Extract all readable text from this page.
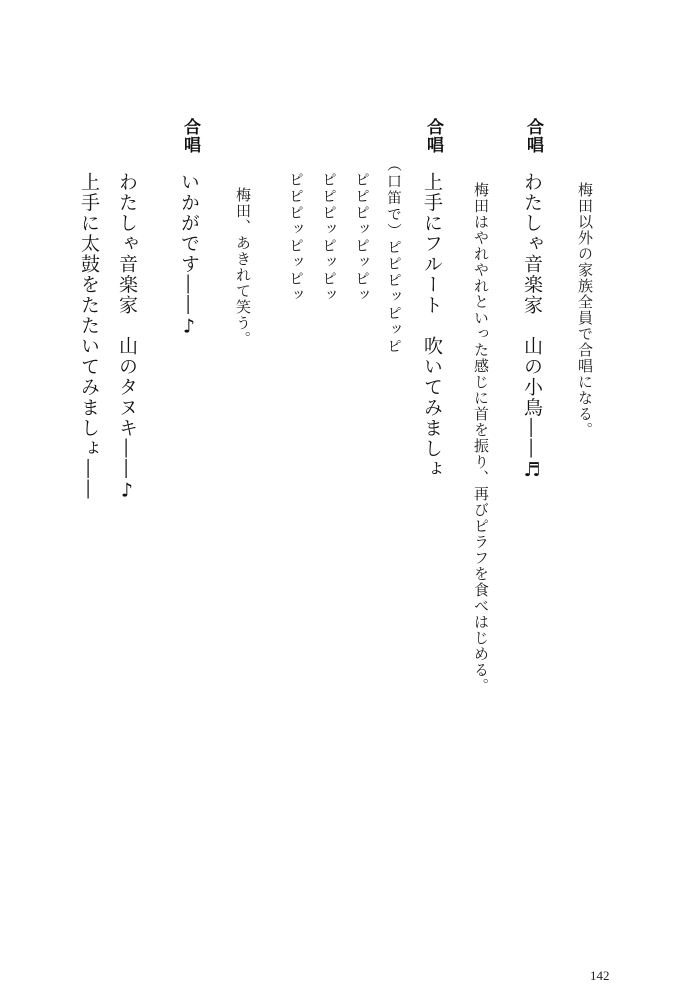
梅田以外の家族全員で合唱になる。
合唱
わたしゃ音楽家　山の小鳥――♬
梅田はやれやれといった感じに首を振り、再びピラフを食べはじめる。
合唱
上手にフルート　吹いてみましょ
（口笛で）ピピピッピッピ
ピピピッピッピッ
ピピピッピッピッ
ピピピッピッピッ
梅田、あきれて笑う。
合唱
いかがです――♪
わたしゃ音楽家　山のタヌキ――♪
上手に太鼓をたたいてみましょ――
142
